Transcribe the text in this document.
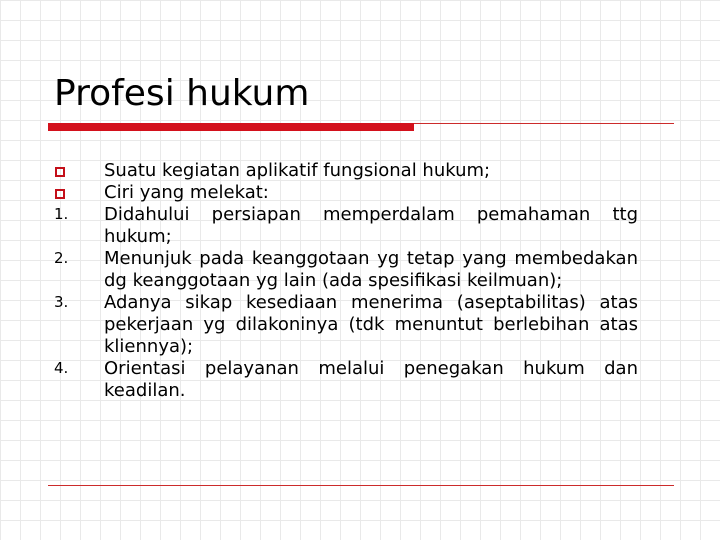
Profesi hukum
Suatu kegiatan aplikatif fungsional hukum;
Ciri yang melekat:
1.	Didahului persiapan memperdalam pemahaman ttg hukum;
2.	Menunjuk pada keanggotaan yg tetap yang membedakan dg keanggotaan yg lain (ada spesifikasi keilmuan);
3.	Adanya sikap kesediaan menerima (aseptabilitas) atas pekerjaan yg dilakoninya (tdk menuntut berlebihan atas kliennya);
4.	Orientasi pelayanan melalui penegakan hukum dan keadilan.
